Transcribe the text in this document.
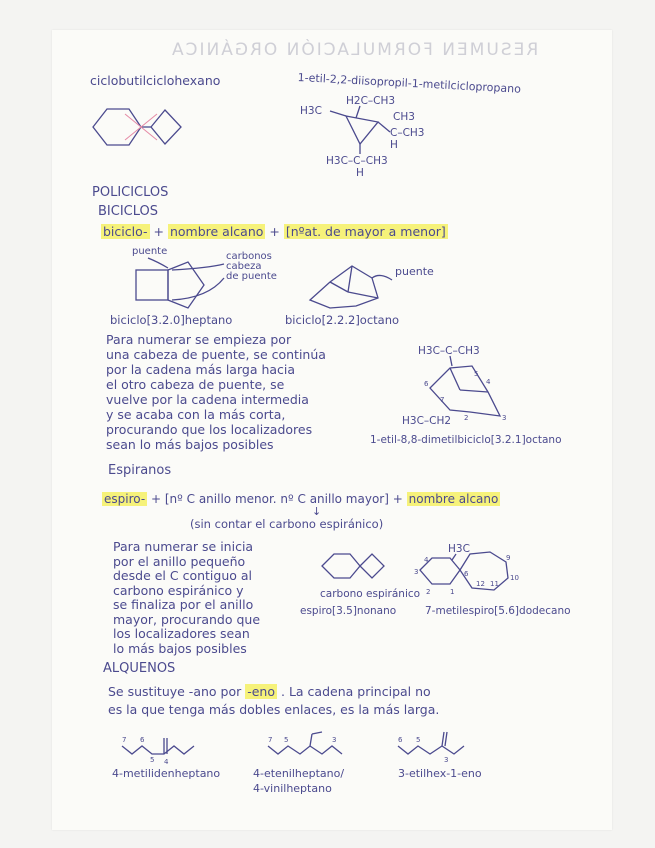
RESUMEN FORMULACIÓN ORGÁNICA
ciclobutilciclohexano	1-etil-2,2-diisopropil-1-metilciclopropano
H3C
H2C–CH3
CH3
C–CH3
H
H3C–C–CH3
H
POLICICLOS
BICICLOS
biciclo- + nombre alcano + [nºat. de mayor a menor]
puente	carbonos
cabeza
de puente	puente
biciclo[3.2.0]heptano	biciclo[2.2.2]octano
Para numerar se empieza por
una cabeza de puente, se continúa
por la cadena más larga hacia
el otro cabeza de puente, se
vuelve por la cadena intermedia
y se acaba con la más corta,
procurando que los localizadores
sean lo más bajos posibles
H3C–C–CH3
H3C–CH2
6
7
5
4
3
2
1-etil-8,8-dimetilbiciclo[3.2.1]octano
Espiranos
espiro- + [nº C anillo menor. nº C anillo mayor] + nombre alcano
↓
(sin contar el carbono espiránico)
Para numerar se inicia
por el anillo pequeño
desde el C contiguo al
carbono espiránico y
se finaliza por el anillo
mayor, procurando que
los localizadores sean
lo más bajos posibles
carbono espiránico
H3C
4
3
2	1
6
9
10
12 11
espiro[3.5]nonano	7-metilespiro[5.6]dodecano
ALQUENOS
Se sustituye -ano por -eno . La cadena principal no
es la que tenga más dobles enlaces, es la más larga.
7 6
5 4
7 5	3	6 5
3
4-metilidenheptano	4-etenilheptano/
4-vinilheptano
3-etilhex-1-eno
